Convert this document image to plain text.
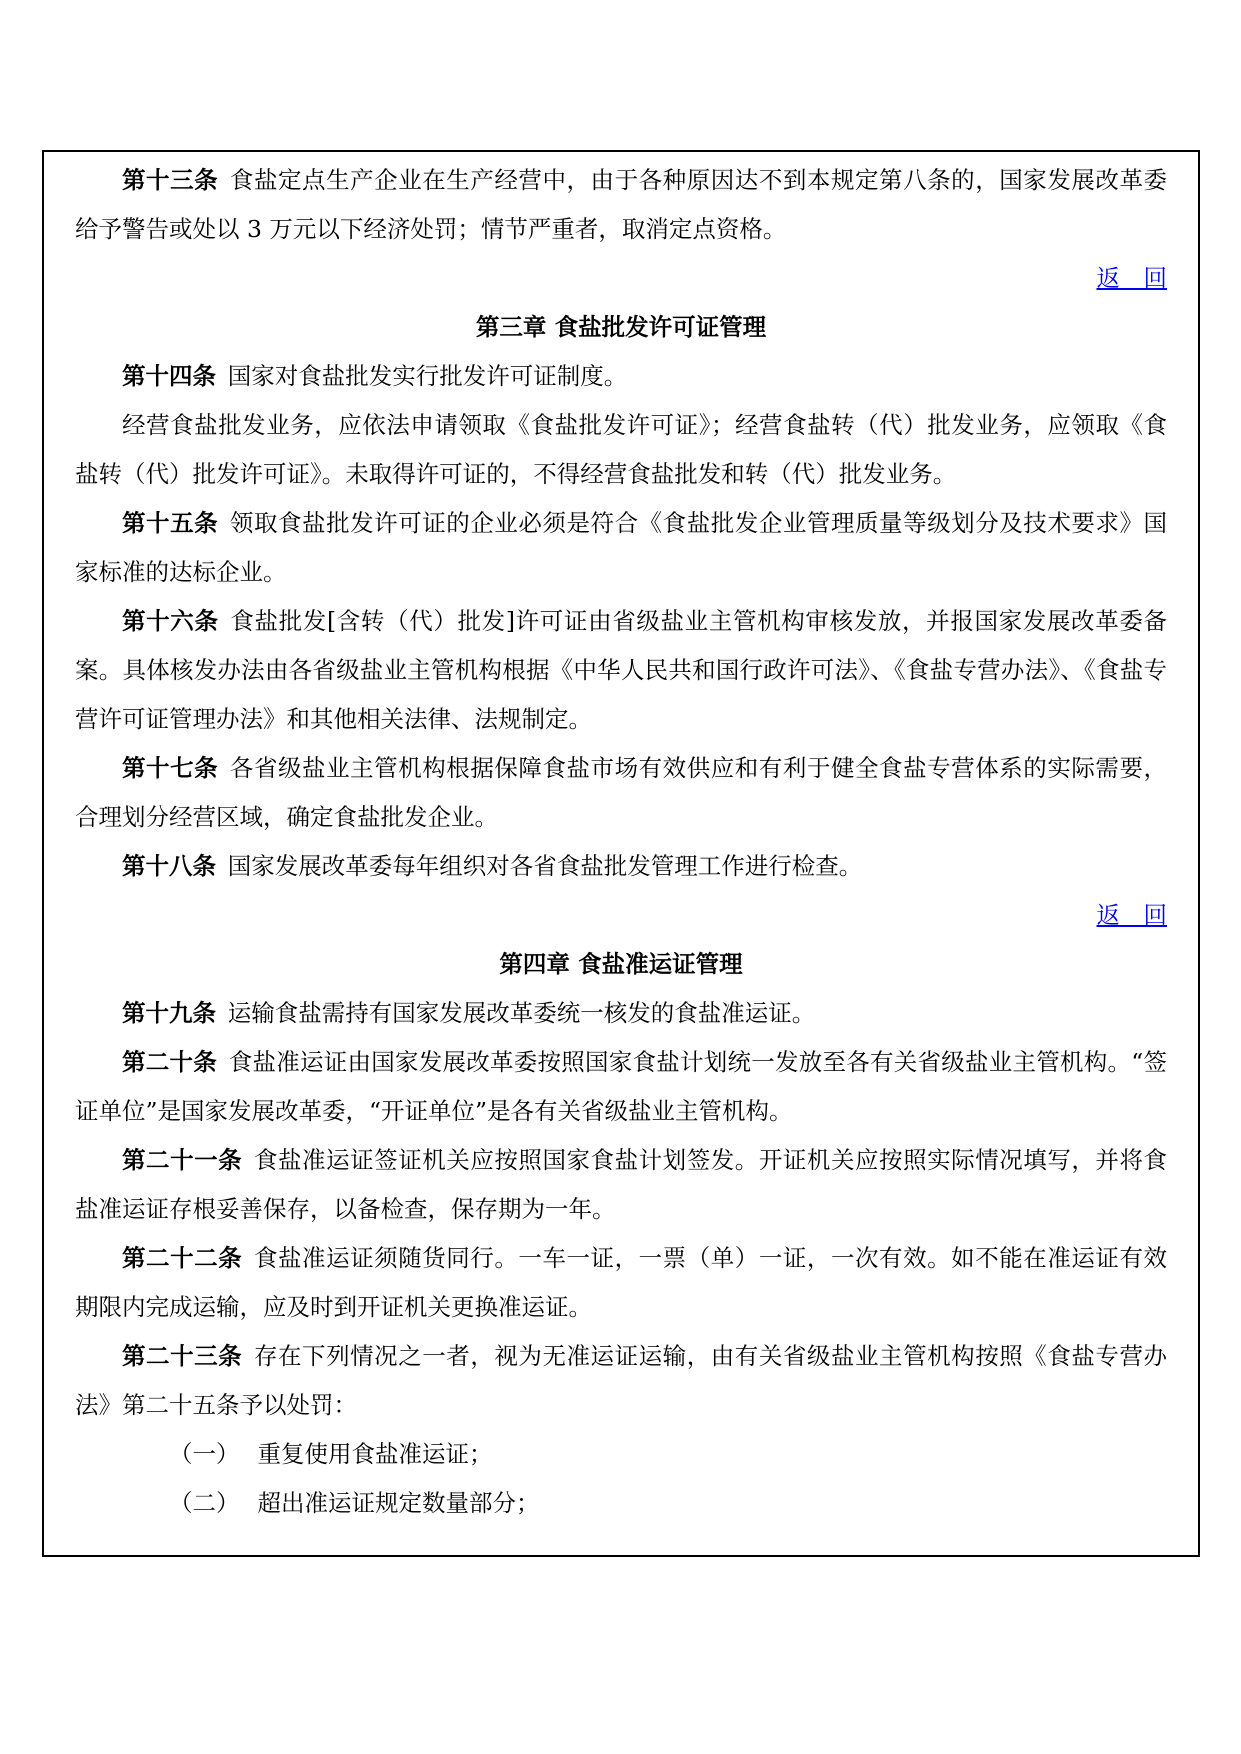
第十三条 食盐定点生产企业在生产经营中，由于各种原因达不到本规定第八条的，国家发展改革委给予警告或处以 3 万元以下经济处罚；情节严重者，取消定点资格。

返　回

第三章 食盐批发许可证管理

第十四条 国家对食盐批发实行批发许可证制度。

经营食盐批发业务，应依法申请领取《食盐批发许可证》；经营食盐转（代）批发业务，应领取《食盐转（代）批发许可证》。未取得许可证的，不得经营食盐批发和转（代）批发业务。

第十五条 领取食盐批发许可证的企业必须是符合《食盐批发企业管理质量等级划分及技术要求》国家标准的达标企业。

第十六条 食盐批发[含转（代）批发]许可证由省级盐业主管机构审核发放，并报国家发展改革委备案。具体核发办法由各省级盐业主管机构根据《中华人民共和国行政许可法》、《食盐专营办法》、《食盐专营许可证管理办法》和其他相关法律、法规制定。

第十七条 各省级盐业主管机构根据保障食盐市场有效供应和有利于健全食盐专营体系的实际需要，合理划分经营区域，确定食盐批发企业。

第十八条 国家发展改革委每年组织对各省食盐批发管理工作进行检查。

返　回

第四章 食盐准运证管理

第十九条 运输食盐需持有国家发展改革委统一核发的食盐准运证。

第二十条 食盐准运证由国家发展改革委按照国家食盐计划统一发放至各有关省级盐业主管机构。“签证单位”是国家发展改革委，“开证单位”是各有关省级盐业主管机构。

第二十一条 食盐准运证签证机关应按照国家食盐计划签发。开证机关应按照实际情况填写，并将食盐准运证存根妥善保存，以备检查，保存期为一年。

第二十二条 食盐准运证须随货同行。一车一证，一票（单）一证，一次有效。如不能在准运证有效期限内完成运输，应及时到开证机关更换准运证。

第二十三条 存在下列情况之一者，视为无准运证运输，由有关省级盐业主管机构按照《食盐专营办法》第二十五条予以处罚：

（一） 重复使用食盐准运证；

（二） 超出准运证规定数量部分；
